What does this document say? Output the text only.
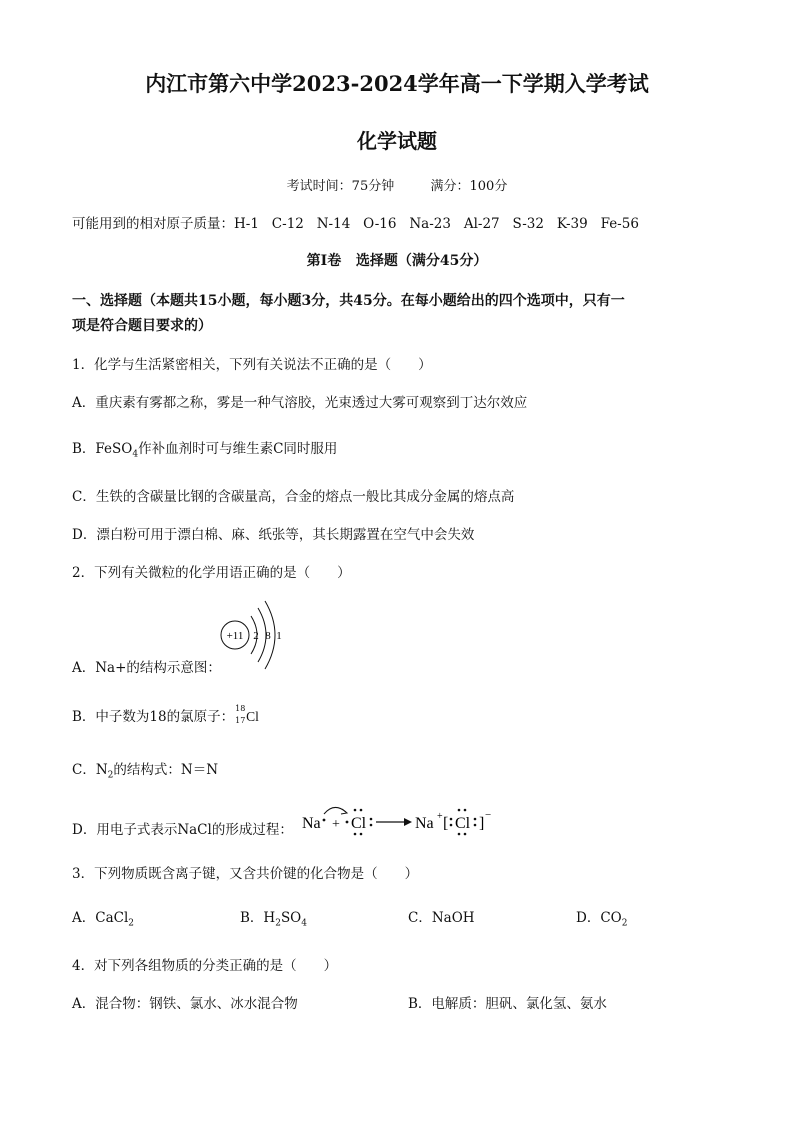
内江市第六中学2023-2024学年高一下学期入学考试
化学试题
考试时间：75分钟	满分：100分
可能用到的相对原子质量：H-1   C-12   N-14   O-16   Na-23   Al-27   S-32   K-39   Fe-56
第Ⅰ卷   选择题（满分45分）
一、选择题（本题共15小题，每小题3分，共45分。在每小题给出的四个选项中，只有一
项是符合题目要求的）
1．化学与生活紧密相关，下列有关说法不正确的是（　　）
A．重庆素有雾都之称，雾是一种气溶胶，光束透过大雾可观察到丁达尔效应
B．FeSO$_4$作补血剂时可与维生素C同时服用
C．生铁的含碳量比钢的含碳量高，合金的熔点一般比其成分金属的熔点高
D．漂白粉可用于漂白棉、麻、纸张等，其长期露置在空气中会失效
2．下列有关微粒的化学用语正确的是（　　）
A．Na+的结构示意图：
+11 2 8 1
B．中子数为18的氯原子：
18
17 Cl
C．$N_2$的结构式：N＝N
D．用电子式表示NaCl的形成过程： Na + Cl	Na + [ Cl ] −
3．下列物质既含离子键，又含共价键的化合物是（　　）
A．CaCl$_2$	B．$H_2SO_4$	C．NaOH	D．$CO_2$
4．对下列各组物质的分类正确的是（　　）
A．混合物：钢铁、氯水、冰水混合物	B．电解质：胆矾、氯化氢、氨水
